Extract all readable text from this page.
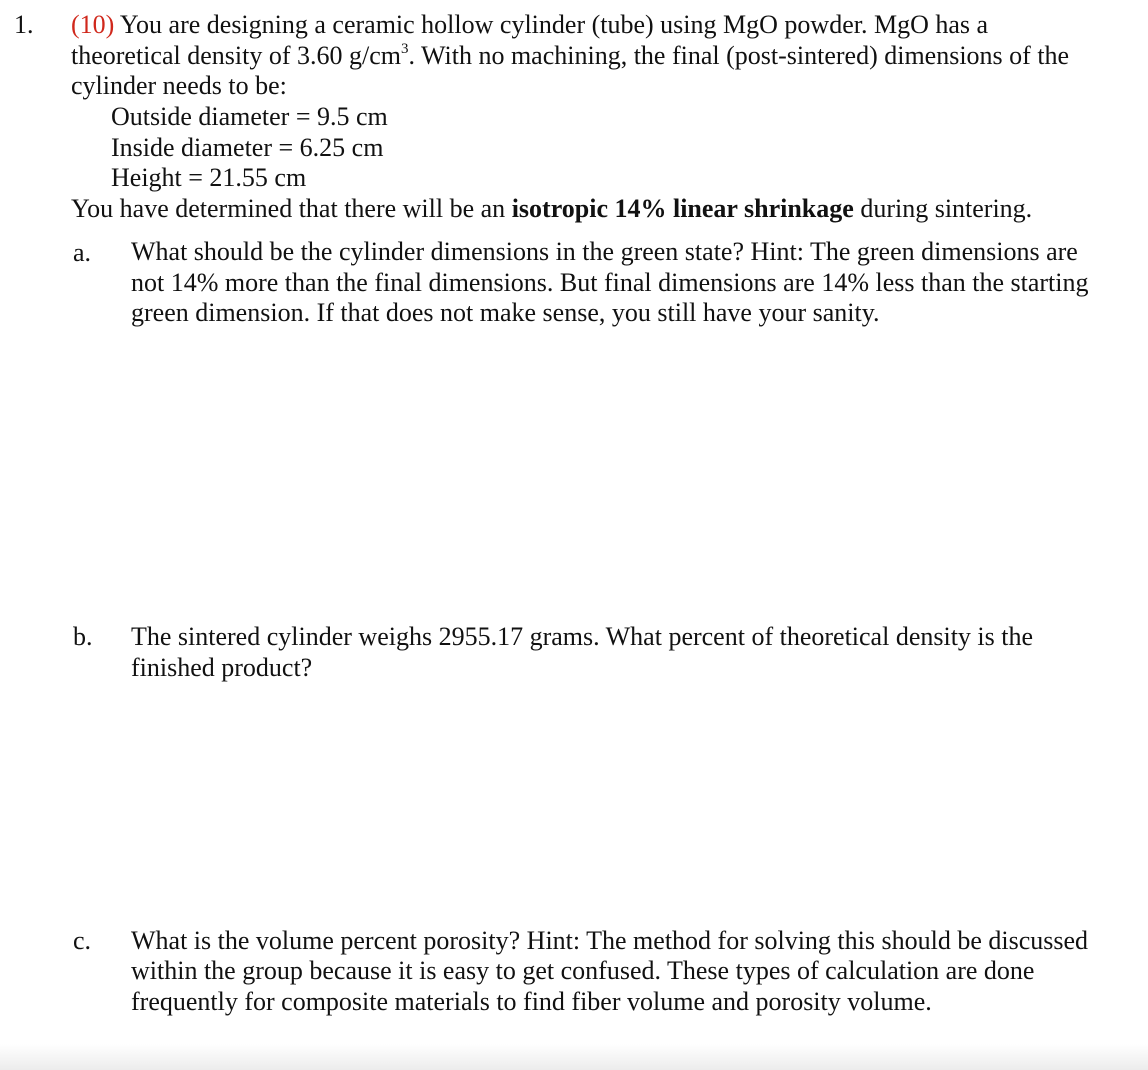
1. (10) You are designing a ceramic hollow cylinder (tube) using MgO powder. MgO has a
theoretical density of 3.60 $g/cm^3$. With no machining, the final (post-sintered) dimensions of the
cylinder needs to be:
Outside diameter = 9.5 cm
Inside diameter = 6.25 cm
Height = 21.55 cm
You have determined that there will be an isotropic 14% linear shrinkage during sintering.
a. What should be the cylinder dimensions in the green state? Hint: The green dimensions are
not 14% more than the final dimensions. But final dimensions are 14% less than the starting
green dimension. If that does not make sense, you still have your sanity.
b. The sintered cylinder weighs 2955.17 grams. What percent of theoretical density is the
finished product?
c. What is the volume percent porosity? Hint: The method for solving this should be discussed
within the group because it is easy to get confused. These types of calculation are done
frequently for composite materials to find fiber volume and porosity volume.
